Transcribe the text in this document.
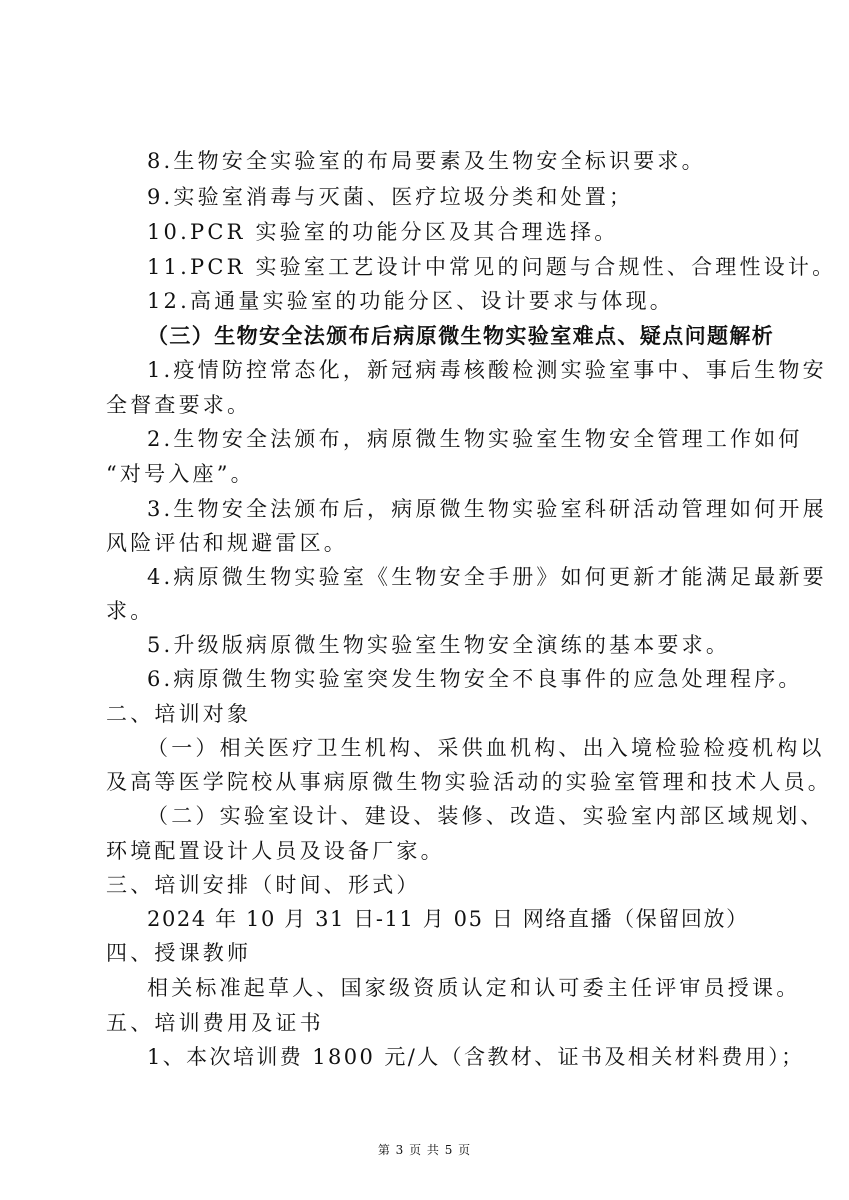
8.生物安全实验室的布局要素及生物安全标识要求。
9.实验室消毒与灭菌、医疗垃圾分类和处置；
10.PCR 实验室的功能分区及其合理选择。
11.PCR 实验室工艺设计中常见的问题与合规性、合理性设计。
12.高通量实验室的功能分区、设计要求与体现。
（三）生物安全法颁布后病原微生物实验室难点、疑点问题解析
1.疫情防控常态化，新冠病毒核酸检测实验室事中、事后生物安
全督查要求。
2.生物安全法颁布，病原微生物实验室生物安全管理工作如何
“对号入座”。
3.生物安全法颁布后，病原微生物实验室科研活动管理如何开展
风险评估和规避雷区。
4.病原微生物实验室《生物安全手册》如何更新才能满足最新要
求。
5.升级版病原微生物实验室生物安全演练的基本要求。
6.病原微生物实验室突发生物安全不良事件的应急处理程序。
二、培训对象
（一）相关医疗卫生机构、采供血机构、出入境检验检疫机构以
及高等医学院校从事病原微生物实验活动的实验室管理和技术人员。
（二）实验室设计、建设、装修、改造、实验室内部区域规划、
环境配置设计人员及设备厂家。
三、培训安排（时间、形式）
2024 年 10 月 31 日-11 月 05 日 网络直播（保留回放）
四、授课教师
相关标准起草人、国家级资质认定和认可委主任评审员授课。
五、培训费用及证书
1、本次培训费 1800 元/人（含教材、证书及相关材料费用）；
第 3 页 共 5 页
